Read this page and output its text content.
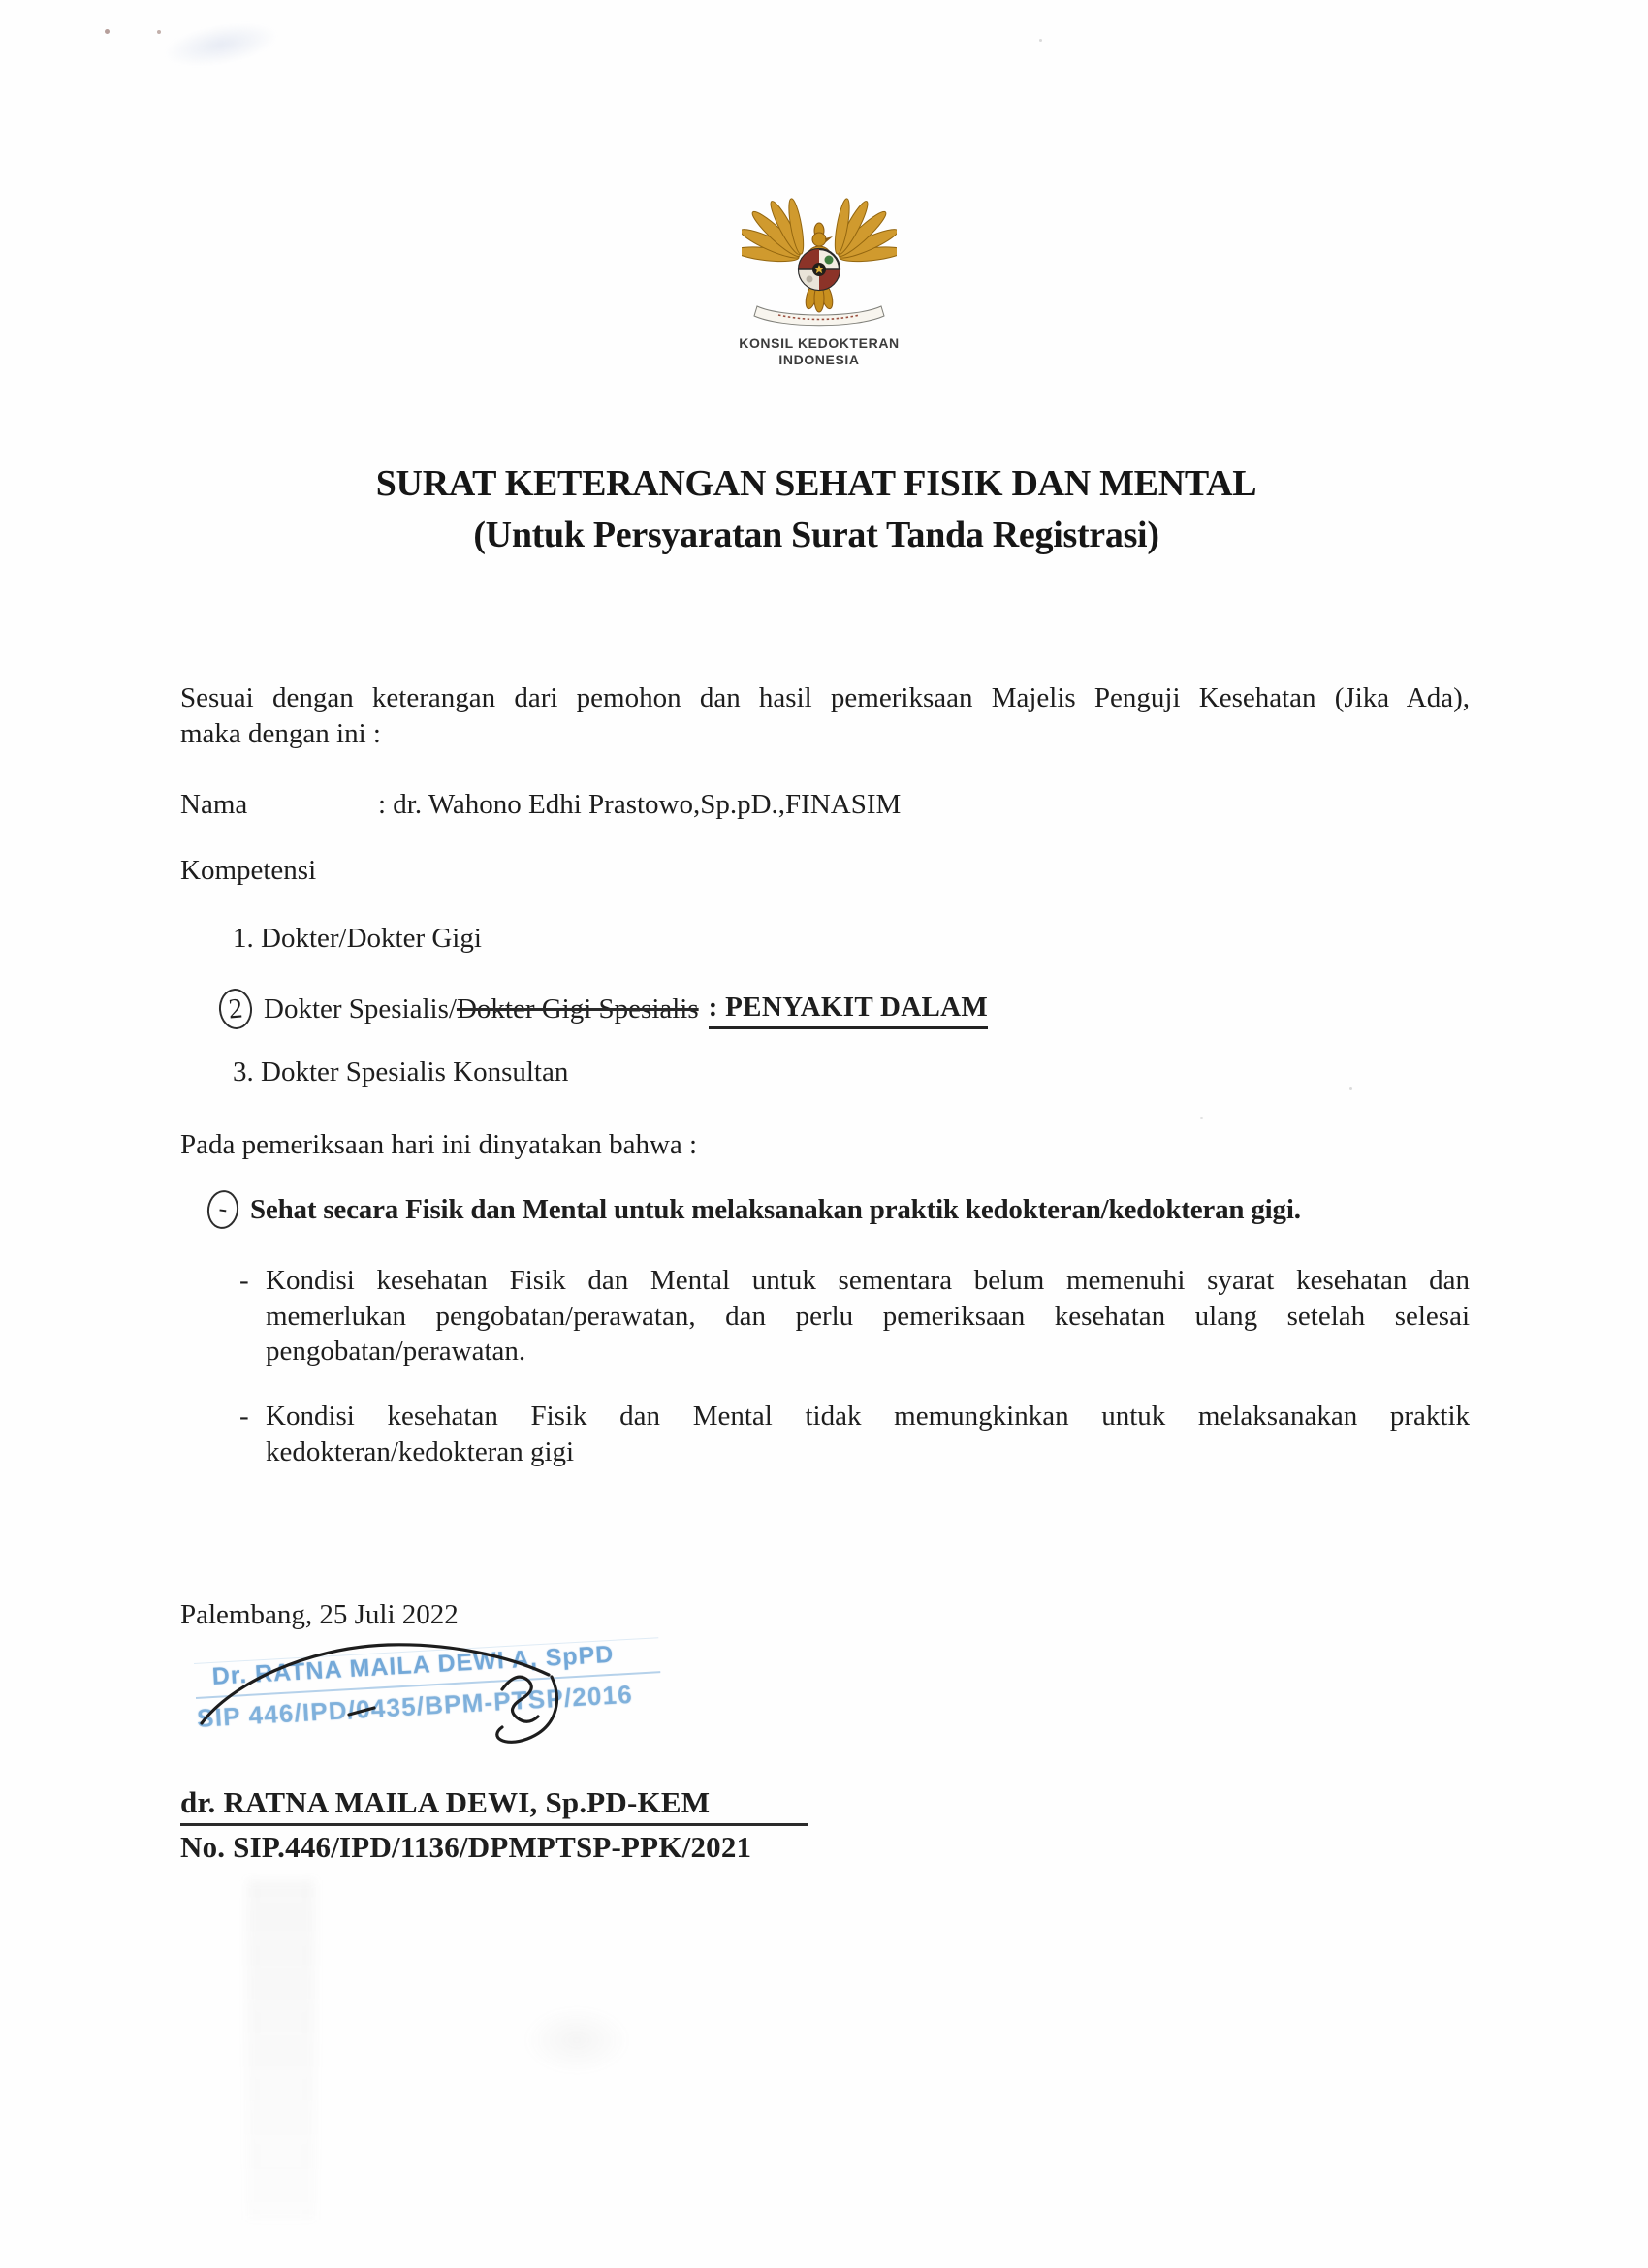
KONSIL KEDOKTERAN
INDONESIA
SURAT KETERANGAN SEHAT FISIK DAN MENTAL
(Untuk Persyaratan Surat Tanda Registrasi)
Sesuai dengan keterangan dari pemohon dan hasil pemeriksaan Majelis Penguji Kesehatan (Jika Ada),
maka dengan ini :
Nama	: dr. Wahono Edhi Prastowo,Sp.pD.,FINASIM
Kompetensi
1. Dokter/Dokter Gigi
2 Dokter Spesialis/ Dokter Gigi Spesialis : PENYAKIT DALAM
3. Dokter Spesialis Konsultan
Pada pemeriksaan hari ini dinyatakan bahwa :
- Sehat secara Fisik dan Mental untuk melaksanakan praktik kedokteran/kedokteran gigi.
- Kondisi kesehatan Fisik dan Mental untuk sementara belum memenuhi syarat kesehatan dan
memerlukan pengobatan/perawatan, dan perlu pemeriksaan kesehatan ulang setelah selesai
pengobatan/perawatan.
- Kondisi kesehatan Fisik dan Mental tidak memungkinkan untuk melaksanakan praktik
kedokteran/kedokteran gigi
Palembang, 25 Juli 2022
Dr. RATNA MAILA DEWI A, SpPD
SIP 446/IPD/0435/BPM-PTSP/2016
dr. RATNA MAILA DEWI, Sp.PD-KEM
No. SIP.446/IPD/1136/DPMPTSP-PPK/2021
